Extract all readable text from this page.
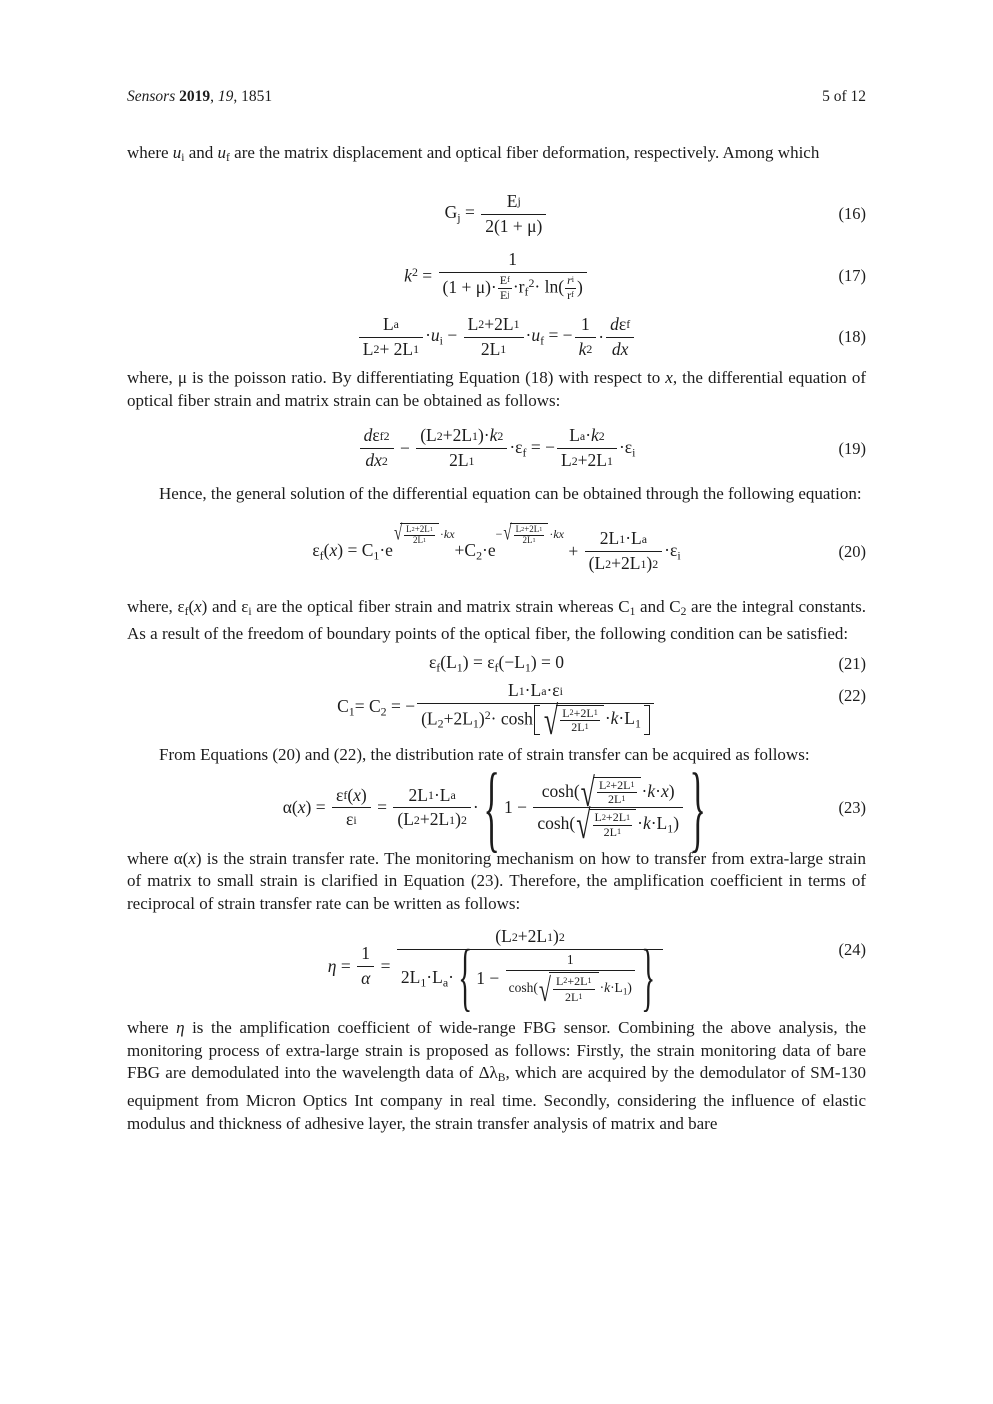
Sensors 2019, 19, 1851	5 of 12

where $u_i$ and $u_f$ are the matrix displacement and optical fiber deformation, respectively. Among which

$G_j = \frac{\text{E j}}{2(1 + \mu)}$	(16)
$k^2$ =
1
$(1 + \mu)\cdot \frac{\text{E f}}{\text{E j}} \cdot r_f^2\cdot \ln( \frac{\text{r i}}{\text{r f}}$ )
(17)
$\frac{\text{L a}}{L 2 + 2L 1} \cdot u_i - \frac{L 2 +2L 1}{2L 1} \cdot u_f$ = − $\frac{1}{k 2} \cdot \frac{\text{d ε f}}{dx}$	(18)

where, μ is the poisson ratio. By differentiating Equation (18) with respect to x, the differential equation of optical fiber strain and matrix strain can be obtained as follows:

$\frac{\text{d ε f 2}}{dx 2} - \frac{(L 2 +2L 1 )\cdot k 2}{2L 1} \cdot\varepsilon_f$ = − $\frac{\text{L a · k 2}}{L 2 +2L 1} \cdot\varepsilon_i$	(19)

Hence, the general solution of the differential equation can be obtained through the following equation:

$\varepsilon_f(x) = C_1\cdot e$
√ $\frac{L 2 +2L 1}{2L 1} \cdot kx$
$+C_2\cdot e$
− √ $\frac{L 2 +2L 1}{2L 1} \cdot kx$
+ $\frac{\text{2L 1 ·L a}}{(L 2 +2L 1 ) 2} \cdot\varepsilon_i$	(20)

where, $\varepsilon_f(x)$ and $\varepsilon_i$ are the optical fiber strain and matrix strain whereas $C_1$ and $C_2$ are the integral constants. As a result of the freedom of boundary points of the optical fiber, the following condition can be satisfied:

$\varepsilon_f(L_1) = \varepsilon_f(-L_1) = 0$	(21)
$C_1= C_2$ = −
L 1 ·L a ·ε i
$(L_2+2L_1)^2\cdot \cosh$ √ $\frac{L 2 +2L 1}{2L 1} \cdot k\cdot L_1$
(22)

From Equations (20) and (22), the distribution rate of strain transfer can be acquired as follows:

$\alpha(x) = \frac{\text{ε f ( x )}}{\text{ε i}} = \frac{\text{2L 1 ·L a}}{(L 2 +2L 1 ) 2}$ · { 1 −
cosh( √ $\frac{L 2 +2L 1}{2L 1} \cdot k\cdot x$)
cosh( √ $\frac{L 2 +2L 1}{2L 1} \cdot k\cdot L_1$) }	(23)

where α(x) is the strain transfer rate. The monitoring mechanism on how to transfer from extra-large strain of matrix to small strain is clarified in Equation (23). Therefore, the amplification coefficient in terms of reciprocal of strain transfer rate can be written as follows:

$\eta = \frac{1}{\alpha}$ =
(L 2 +2L 1 ) 2
$2L_1\cdot L_a\cdot$ { 1 −
1
cosh( √ $\frac{L 2 +2L 1}{2L 1} \cdot k\cdot L_1$) }	(24)

where η is the amplification coefficient of wide-range FBG sensor. Combining the above analysis, the monitoring process of extra-large strain is proposed as follows: Firstly, the strain monitoring data of bare FBG are demodulated into the wavelength data of $\Delta\lambda_B$, which are acquired by the demodulator of SM-130 equipment from Micron Optics Int company in real time. Secondly, considering the influence of elastic modulus and thickness of adhesive layer, the strain transfer analysis of matrix and bare
